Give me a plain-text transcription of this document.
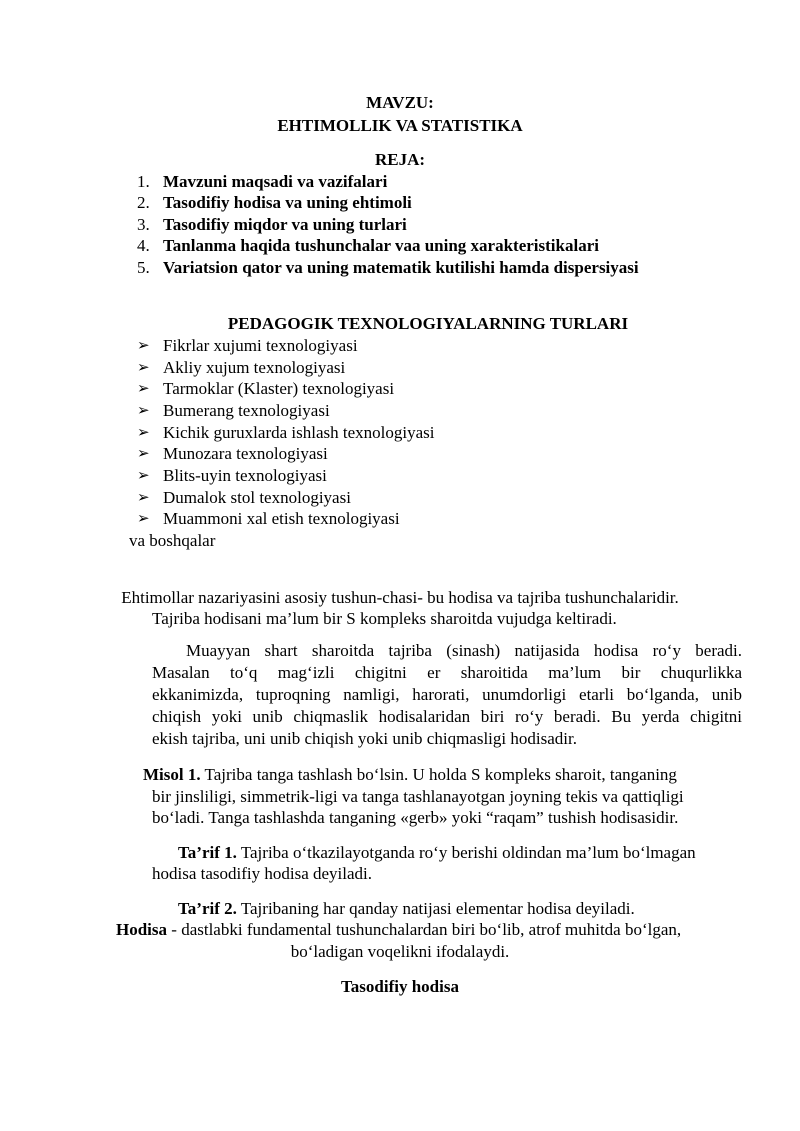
MAVZU:
EHTIMOLLIK VA STATISTIKA
REJA:
1. Mavzuni maqsadi va vazifalari
2. Tasodifiy hodisa va uning ehtimoli
3. Tasodifiy miqdor va uning turlari
4. Tanlanma haqida tushunchalar vaa uning xarakteristikalari
5. Variatsion qator va uning matematik kutilishi hamda dispersiyasi
PEDAGOGIK TEXNOLOGIYALARNING TURLARI
➢ Fikrlar xujumi texnologiyasi
➢ Akliy xujum texnologiyasi
➢ Tarmoklar (Klaster) texnologiyasi
➢ Bumerang texnologiyasi
➢ Kichik guruxlarda ishlash texnologiyasi
➢ Munozara texnologiyasi
➢ Blits-uyin texnologiyasi
➢ Dumalok stol texnologiyasi
➢ Muammoni xal etish texnologiyasi
va boshqalar
Ehtimollar nazariyasini asosiy tushun-chasi- bu hodisa va tajriba tushunchalaridir.
Tajriba hodisani ma’lum bir S kompleks sharoitda vujudga keltiradi.
Muayyan shart sharoitda tajriba (sinash) natijasida hodisa ro‘y beradi.
Masalan to‘q mag‘izli chigitni er sharoitida ma’lum bir chuqurlikka
ekkanimizda, tuproqning namligi, harorati, unumdorligi etarli bo‘lganda, unib
chiqish yoki unib chiqmaslik hodisalaridan biri ro‘y beradi. Bu yerda chigitni
ekish tajriba, uni unib chiqish yoki unib chiqmasligi hodisadir.
Misol 1. Tajriba tanga tashlash bo‘lsin. U holda S kompleks sharoit, tanganing
bir jinsliligi, simmetrik-ligi va tanga tashlanayotgan joyning tekis va qattiqligi
bo‘ladi. Tanga tashlashda tanganing «gerb» yoki “raqam” tushish hodisasidir.
Ta’rif 1. Tajriba o‘tkazilayotganda ro‘y berishi oldindan ma’lum bo‘lmagan
hodisa tasodifiy hodisa deyiladi.
Ta’rif 2. Tajribaning har qanday natijasi elementar hodisa deyiladi.
Hodisa - dastlabki fundamental tushunchalardan biri bo‘lib, atrof muhitda bo‘lgan,
bo‘ladigan voqelikni ifodalaydi.
Tasodifiy hodisa
